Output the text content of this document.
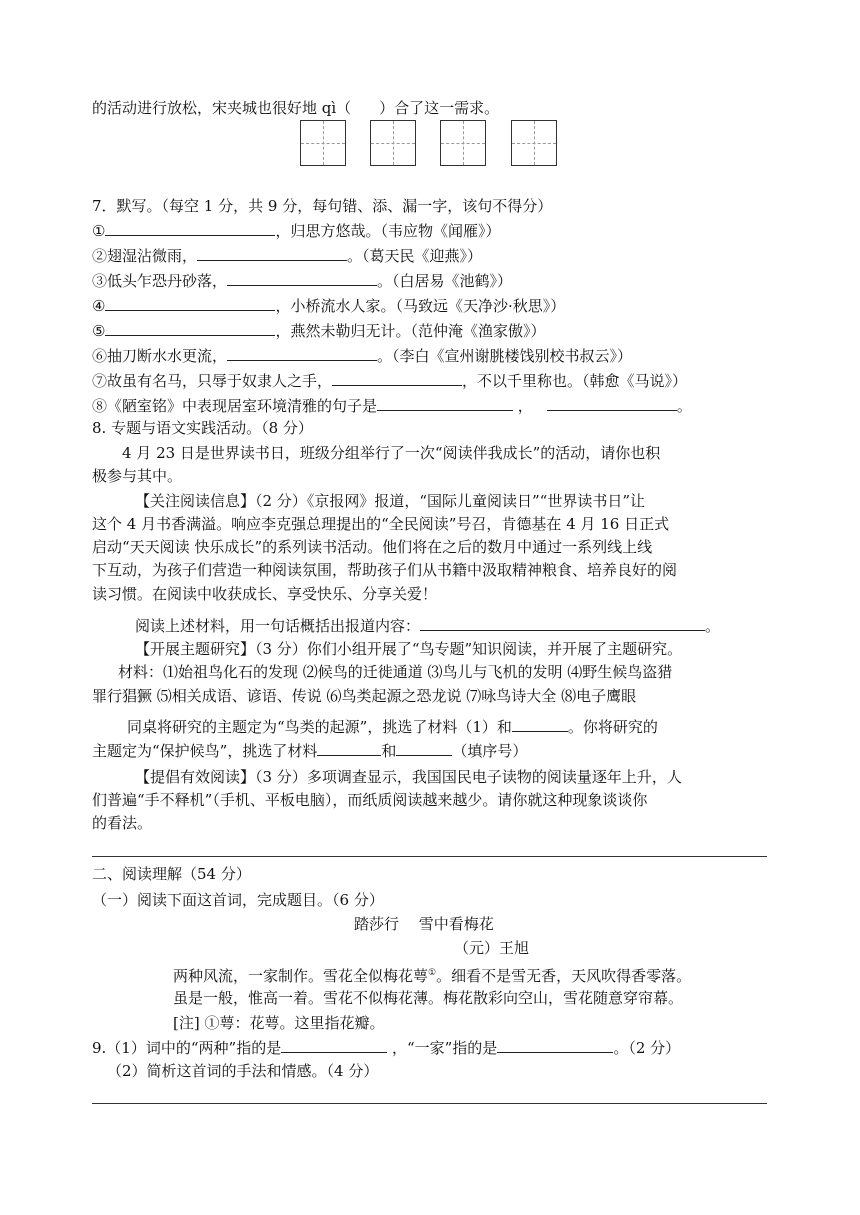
的活动进行放松，宋夹城也很好地 qì（ ）合了这一需求。
7．默写。（每空 1 分，共 9 分，每句错、添、漏一字，该句不得分）
①	，归思方悠哉。（韦应物《闻雁》）
②翅湿沾微雨，	。（葛天民《迎燕》）
③低头乍恐丹砂落，	。（白居易《池鹤》）
④	，小桥流水人家。（马致远《天净沙·秋思》）
⑤	，燕然未勒归无计。（范仲淹《渔家傲》）
⑥抽刀断水水更流，	。（李白《宣州谢朓楼饯别校书叔云》）
⑦故虽有名马，只辱于奴隶人之手，	，不以千里称也。（韩愈《马说》）
⑧《陋室铭》中表现居室环境清雅的句子是	，	。
8. 专题与语文实践活动。（8 分）
4 月 23 日是世界读书日，班级分组举行了一次“阅读伴我成长”的活动，请你也积
极参与其中。
【关注阅读信息】（2 分）《京报网》报道，“国际儿童阅读日”“世界读书日”让
这个 4 月书香满溢。响应李克强总理提出的“全民阅读”号召，肯德基在 4 月 16 日正式
启动“天天阅读 快乐成长”的系列读书活动。他们将在之后的数月中通过一系列线上线
下互动，为孩子们营造一种阅读氛围，帮助孩子们从书籍中汲取精神粮食、培养良好的阅
读习惯。在阅读中收获成长、享受快乐、分享关爱！
阅读上述材料，用一句话概括出报道内容：	。
【开展主题研究】（3 分）你们小组开展了“鸟专题”知识阅读，并开展了主题研究。
材料：⑴始祖鸟化石的发现 ⑵候鸟的迁徙通道 ⑶鸟儿与飞机的发明 ⑷野生候鸟盗猎
罪行猖獗 ⑸相关成语、谚语、传说 ⑹鸟类起源之恐龙说 ⑺咏鸟诗大全 ⑻电子鹰眼
同桌将研究的主题定为“鸟类的起源”，挑选了材料（1）和	。你将研究的
主题定为“保护候鸟”，挑选了材料	和	（填序号）
【提倡有效阅读】（3 分）多项调查显示，我国国民电子读物的阅读量逐年上升，人
们普遍“手不释机”（手机、平板电脑），而纸质阅读越来越少。请你就这种现象谈谈你
的看法。
二、阅读理解（54 分）
（一）阅读下面这首词，完成题目。（6 分）
踏莎行　 雪中看梅花
（元）王旭
两种风流，一家制作。雪花全似梅花萼①。细看不是雪无香，天风吹得香零落。
虽是一般，惟高一着。雪花不似梅花薄。梅花散彩向空山，雪花随意穿帘幕。
[注] ①萼：花萼。这里指花瓣。
9.（1）词中的“两种”指的是	，“一家”指的是	。（2 分）
（2）简析这首词的手法和情感。（4 分）
